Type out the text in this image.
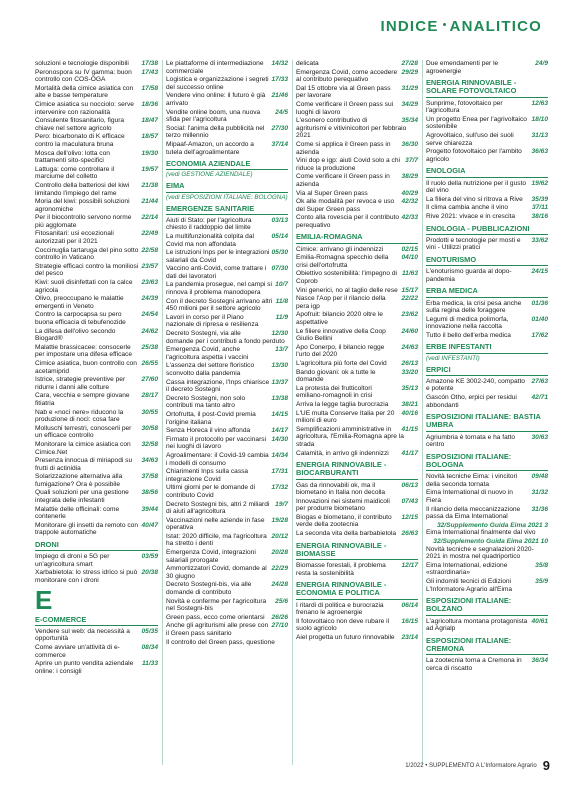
INDICE ANALITICO
17/38
soluzioni e tecnologie disponibili
17/43
Peronospora su IV gamma: buon controllo con COS-OGA
17/58
Mortalità della cimice asiatica con alte e basse temperature
18/36
Cimice asiatica su nocciolo: serve intervenire con razionalità
18/47
Consulente fitosanitario, figura chiave nel settore agricolo
18/57
Pero: bicarbonato di K efficace contro la maculatura bruna
19/30
Mosca dell'olivo: lotta con trattamenti sito-specifici
19/57
Lattuga: come controllare il marciume del colletto
21/38
Controllo della batteriosi del kiwi limitando l'impiego del rame
21/44
Moria del kiwi: possibili soluzioni agronomiche
22/14
Per il biocontrollo servono norme più agglomate
22/49
Fitosanitari: usi eccezionali autorizzati per il 2021
22/58
Coccinuglia tartaruga del pino sotto controllo in Vaticano
23/57
Strategie efficaci contro la moniliosi del pesco
23/63
Kiwi: suoli disinfettati con la calce agricola
24/39
Olivo, preoccupano le malattie emergenti in Veneto
24/54
Contro la carpocapsa su pero buona efficacia di tebufenozide
24/62
La difesa dell'olivo secondo Biogard®
25/38
Malattie brassicacee: consocerle per impostare una difesa efficace
26/55
Cimice asiatica, buon controllo con acetamiprid
27/60
Istrice, strategie preventive per ridurre i danni alle colture
28/17
Cara, vecchia e sempre giovane fitiatria
30/55
Nab e «nocì nere» riducono la produzione di nocì: cosa fare
30/58
Molluschi terrestri, conoscerli per un efficace controllo
32/58
Monitorare la cimice asiatica con Cimice.Net
34/63
Presenza innocua di miriapodi su frutti di actinidia
37/58
Solarizzazione alternativa alla fumigazione? Ora è possibile
38/56
Quali soluzioni per una gestione integrata delle infestanti
39/44
Malattie delle officinali: come contenerle
40/47
Monitorare gli insetti da remoto con trappole automatiche
DRONI
03/59
Impiego di droni e 5G per un'agricoltura smart
20/38
Xarbabietola: lo stress idrico si può monitorare con i droni
E
E-COMMERCE
05/35
Vendere sul web: da necessità a opportunità
08/34
Come avviare un'attività di e-commerce
11/33
Aprire un punto vendita aziendale online: i consigli
14/32
Le piattaforme di intermediazione commerciale
17/33
Logistica e organizzazione i segreti del successo online
21/46
Vendere vino online: il futuro è già arrivato
24/5
Vendite online boom, una nuova sfida per l'agricoltura
27/30
Social: l'anima della pubblicità nel terzo millennio
37/14
Mipaaf-Amazon, un accordo a tutela dell'agroalimentare
ECONOMIA AZIENDALE
(vedi GESTIONE AZIENDALE)
EIMA
(vedi ESPOSIZIONI ITALIANE: BOLOGNA)
EMERGENZE SANITARIE
03/13
Aiuti di Stato: per l'agricoltura chiesto il raddoppio del limite
05/14
La multifunzionalità colpita dal Covid ma non affondata
05/30
Le istruzioni Inps per le integrazioni salariali da Covid
07/30
Vaccino anti-Covid, come trattare i dati dei lavoratori
10/7
La pandemia prosegue, nel campi si rinnova il problema manodopera
11/8
Con il decreto Sostegni arrivano altri 450 milioni per il settore agricolo
11/9
Lavori in corso per il Piano nazionale di ripresa e resilienza
12/30
Decreto Sostegni, via alle domande per i contributi a fondo perduto
13/7
Emergenza Covid, anche l'agricoltura aspetta i vaccini
13/30
L'assenza del settore floristico sconvolto dalla pandemia
13/37
Cassa integrazione, l'Inps chiarisce il decreto Sostegni
13/38
Decreto Sostegni, non solo contributi ma tanto altro
14/15
Ortofrutta, il post-Covid premia l'origine italiana
14/17
Senza Horeca il vino affonda
14/30
Firmato il protocollo per vaccinarsi nei luoghi di lavoro
14/34
Agroalimentare: il Covid-19 cambia i modelli di consumo
17/31
Chiarimenti Inps sulla cassa integrazione Covid
17/32
Ultimi giorni per le domande di contributo Covid
19/7
Decreto Sostegni bis, altri 2 miliardi di aiuti all'agricoltura
19/28
Vaccinazioni nelle aziende in fase operativa
20/12
Istat: 2020 difficile, ma l'agricoltura ha stretto i denti
20/28
Emergenza Covid, integrazioni salariali prorogate
22/29
Ammortizzatori Covid, domande al 30 giugno
24/28
Decreto Sostegni-bis, via alle domande di contributo
25/6
Novità e conferme per l'agricoltura nel Sostegni-bis
26/26
Green pass, ecco come orientarsi
27/10
Anche gli agriturismi alle prese con il Green pass sanitario
Il controllo del Green pass, questione
27/28
delicata
29/29
Emergenza Covid, come accedere al contributo perequativo
31/29
Dal 15 ottobre via al Green pass per lavorare
34/29
Come verificare il Green pass sui luoghi di lavoro
35/34
L'esonero contributivo di agriturismi e vitivinicoltori per febbraio 2021
36/30
Come si applica il Green pass in azienda
37/7
Vini dop e igp: aiuti Covid solo a chi riduce la produzione
38/29
Come verificare il Green pass in azienda
40/29
Via al Super Green pass
42/32
Ok alle modalità per revoca e uso del Super Green pass
42/33
Conto alla rovescia per il contributo perequativo
EMILIA-ROMAGNA
02/15
Cimice: arrivano gli indennizzi
04/10
Emilia-Romagna specchio della crisi dell'ortofrutta
11/63
Obiettivo sostenibilità: l'impegno di Coprob
15/17
Vini generici, no al taglio delle rese
22/22
Nasce l'Aop per il rilancio della pera igp
23/62
Apofruit: bilancio 2020 oltre le aspettative
24/60
Le filiere innovative della Coop Giulio Bellini
24/63
Apo Conerpo, il bilancio regge l'urto del 2020
26/13
L'agricoltura più forte del Covid
33/20
Bando giovani: ok a tutte le domande
35/13
La protesta dei frutticoltori emiliano-romagnoli in crisi
38/21
Arriva la legge taglia burocrazia
40/16
L'UE multa Conserve Italia per 20 milioni di euro
41/15
Semplificazioni amministrative in agricoltura, l'Emilia-Romagna apre la strada
41/17
Calamità, in arrivo gli indennizzi
ENERGIA RINNOVABILE - BIOCARBURANTI
06/13
Gas da rinnovabili ok, ma il biometano in Italia non decolla
07/43
Innovazioni nei sistemi maidicoli per produrre biometano
12/15
Biogas e biometano, il contributo verde della zootecnia
26/63
La seconda vita della barbabietola
ENERGIA RINNOVABILE - BIOMASSE
12/17
Biomasse forestali, il problema resta la sostenibilità
ENERGIA RINNOVABILE - ECONOMIA E POLITICA
06/14
I ritardi di politica e burocrazia frenano le agroenergie
16/15
Il fotovoltaico non deve rubare il suolo agricolo
23/14
Aiel progetta un futuro rinnovabile
24/9
Due emendamenti per le agroenergie
ENERGIA RINNOVABILE - SOLARE FOTOVOLTAICO
12/63
Sunprime, fotovoltaico per l'agricoltura
18/10
Un progetto Enea per l'agrivoltaico sostenibile
31/13
Agrovoltaico, sull'uso dei suoli serve chiarezza
36/63
Progetto fotovoltaico per l'ambito agricolo
ENOLOGIA
19/62
Il ruolo della nutrizione per il gusto del vino
35/39
La filiera del vino si ritrova a Rive
37/11
Il clima cambia anche il vino
38/16
Rive 2021: vivace e in crescita
ENOLOGIA - PUBBLICAZIONI
33/62
Prodotti e tecnologie per mosti e vini - Utilizzi pratici
ENOTURISMO
24/15
L'enoturismo guarda al dopo-pandemia
ERBA MEDICA
01/36
Erba medica, la crisi pesa anche sulla regina delle foraggere
01/40
Legumi di medica polimorfa, innovazione nella raccolta
17/62
Tutto il bello dell'erba medica
ERBE INFESTANTI
(vedi INFESTANTI)
ERPICI
27/63
Amazone KE 3002-240, compatto e potente
42/71
Gascón Otho, erpici per residui abbondanti
ESPOSIZIONI ITALIANE: BASTIA UMBRA
30/63
Agriumbria è tornata e ha fatto centro
ESPOSIZIONI ITALIANE: BOLOGNA
09/48
Novità tecniche Eima: i vincitori della seconda tornata
31/32
Eima International di nuovo in Fiera
31/36
Il rilancio della meccanizzazione passa da Eima International
32/Supplemento Guida Eima 2021 3
Eima International finalmente dal vivo
32/Supplemento Guida Eima 2021 10
Novità tecniche e segnalazioni 2020-2021 in mostra nel quadriportico
35/8
Eima International, edizione «straordinaria»
35/9
Gli indomiti tecnici di Edizioni L'Informatore Agrario all'Eima
ESPOSIZIONI ITALIANE: BOLZANO
40/61
L'agricoltura montana protagonista ad Agrialp
ESPOSIZIONI ITALIANE: CREMONA
36/34
La zootecnia torna a Cremona in cerca di riscatto
1/2022 • SUPPLEMENTO A L'Informatore Agrario 9
